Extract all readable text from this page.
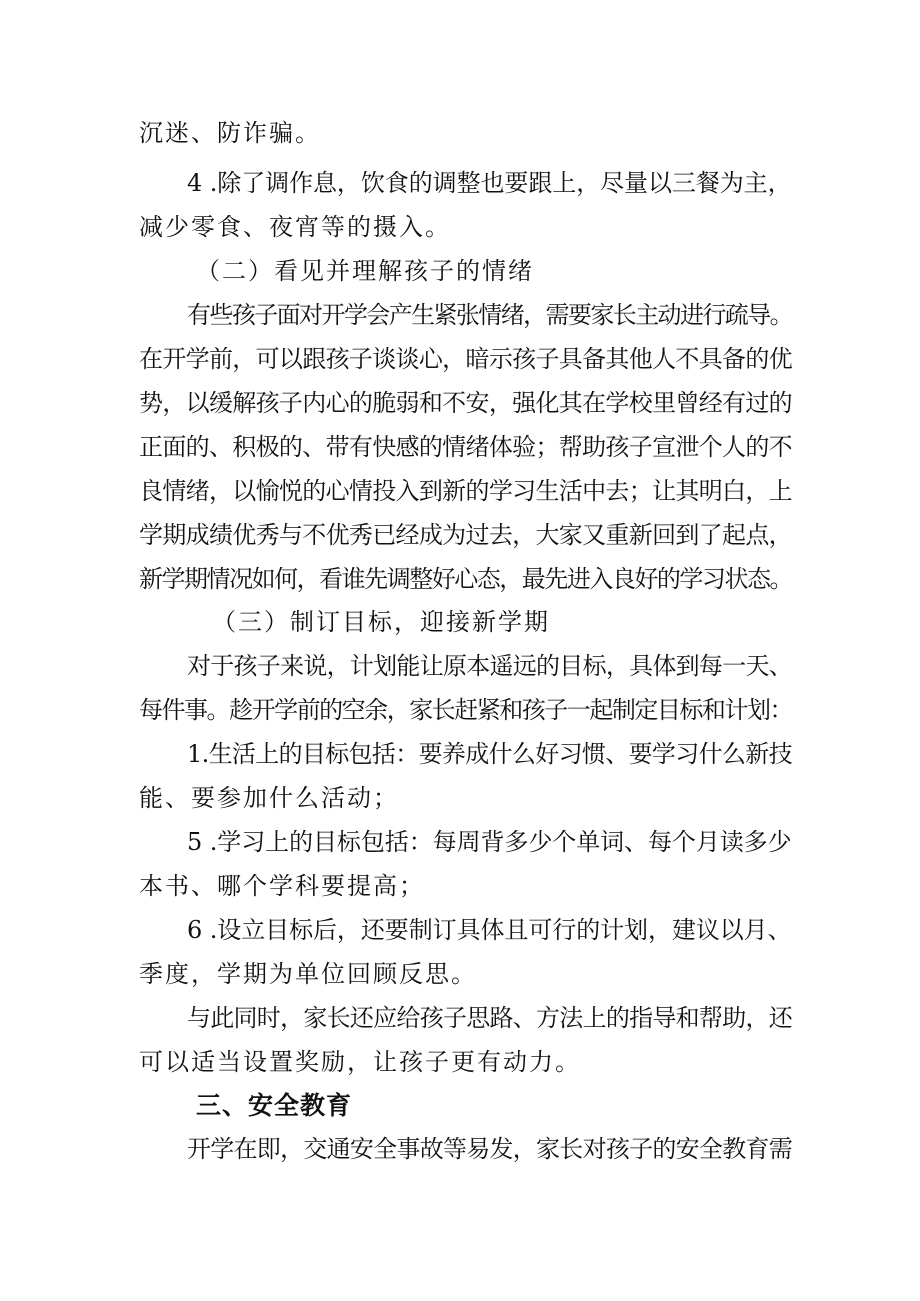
沉迷、防诈骗。
4 .除了调作息，饮食的调整也要跟上，尽量以三餐为主，
减少零食、夜宵等的摄入。
（二）看见并理解孩子的情绪
有些孩子面对开学会产生紧张情绪，需要家长主动进行疏导。
在开学前，可以跟孩子谈谈心，暗示孩子具备其他人不具备的优
势，以缓解孩子内心的脆弱和不安，强化其在学校里曾经有过的
正面的、积极的、带有快感的情绪体验；帮助孩子宣泄个人的不
良情绪，以愉悦的心情投入到新的学习生活中去；让其明白，上
学期成绩优秀与不优秀已经成为过去，大家又重新回到了起点，
新学期情况如何，看谁先调整好心态，最先进入良好的学习状态。
（三）制订目标，迎接新学期
对于孩子来说，计划能让原本遥远的目标，具体到每一天、
每件事。趁开学前的空余，家长赶紧和孩子一起制定目标和计划：
1.生活上的目标包括：要养成什么好习惯、要学习什么新技
能、要参加什么活动；
5 .学习上的目标包括：每周背多少个单词、每个月读多少
本书、哪个学科要提高；
6 .设立目标后，还要制订具体且可行的计划，建议以月、
季度，学期为单位回顾反思。
与此同时，家长还应给孩子思路、方法上的指导和帮助，还
可以适当设置奖励，让孩子更有动力。
三、安全教育
开学在即，交通安全事故等易发，家长对孩子的安全教育需
